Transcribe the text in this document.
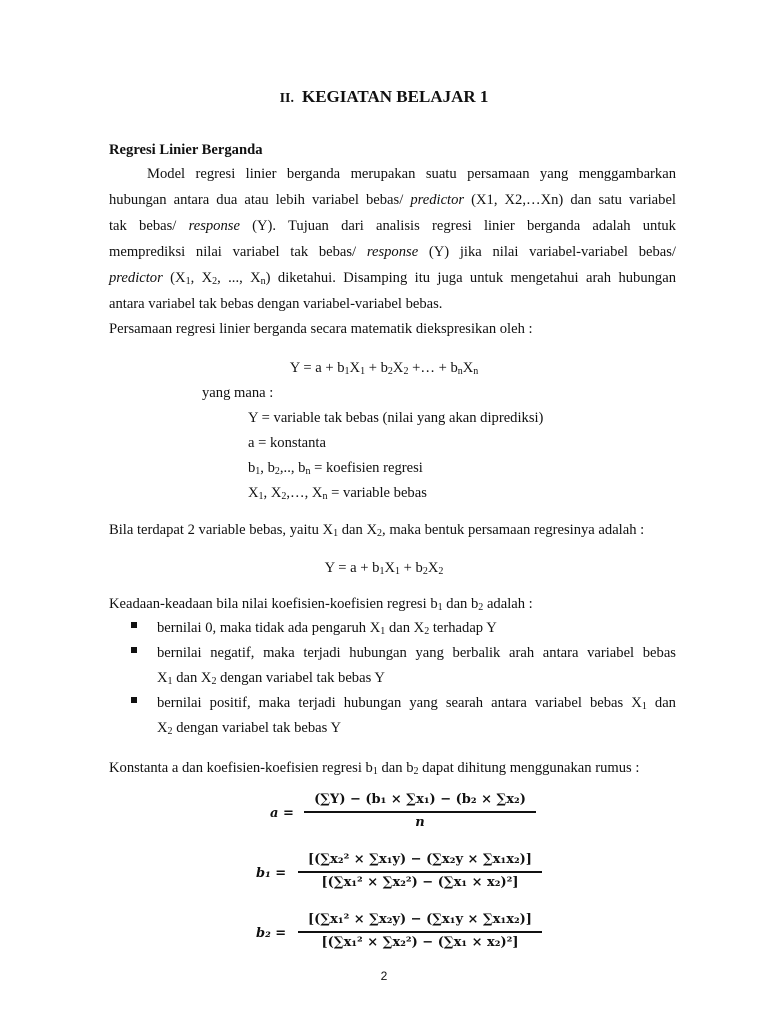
II. KEGIATAN BELAJAR 1
Regresi Linier Berganda
Model regresi linier berganda merupakan suatu persamaan yang menggambarkan
hubungan antara dua atau lebih variabel bebas/ predictor (X1, X2,…Xn) dan satu variabel
tak bebas/ response (Y). Tujuan dari analisis regresi linier berganda adalah untuk
memprediksi nilai variabel tak bebas/ response (Y) jika nilai variabel-variabel bebas/
predictor ($X_1$, $X_2$, ..., $X_n$) diketahui. Disamping itu juga untuk mengetahui arah hubungan
antara variabel tak bebas dengan variabel-variabel bebas.
Persamaan regresi linier berganda secara matematik diekspresikan oleh :
$Y = a + b_1X_1 + b_2X_2$ +… + $b_nX_n$
yang mana :
Y = variable tak bebas (nilai yang akan diprediksi)
a = konstanta
$b_1$, $b_2$,.., $b_n$ = koefisien regresi
$X_1$, $X_2,\dots$, $X_n$ = variable bebas
Bila terdapat 2 variable bebas, yaitu $X_1$ dan $X_2$, maka bentuk persamaan regresinya adalah :
$Y = a + b_1X_1 + b_2X_2$
Keadaan-keadaan bila nilai koefisien-koefisien regresi $b_1$ dan $b_2$ adalah :
bernilai 0, maka tidak ada pengaruh $X_1$ dan $X_2$ terhadap Y
bernilai negatif, maka terjadi hubungan yang berbalik arah antara variabel bebas
$X_1$ dan $X_2$ dengan variabel tak bebas Y
bernilai positif, maka terjadi hubungan yang searah antara variabel bebas $X_1$ dan
$X_2$ dengan variabel tak bebas Y
Konstanta a dan koefisien-koefisien regresi $b_1$ dan $b_2$ dapat dihitung menggunakan rumus :
a =
(∑Y) − (b₁ × ∑x₁) − (b₂ × ∑x₂)
n
b₁ =
[(∑x₂² × ∑x₁y) − (∑x₂y × ∑x₁x₂)]
[(∑x₁² × ∑x₂²) − (∑x₁ × x₂)²]
b₂ =
[(∑x₁² × ∑x₂y) − (∑x₁y × ∑x₁x₂)]
[(∑x₁² × ∑x₂²) − (∑x₁ × x₂)²]
2
